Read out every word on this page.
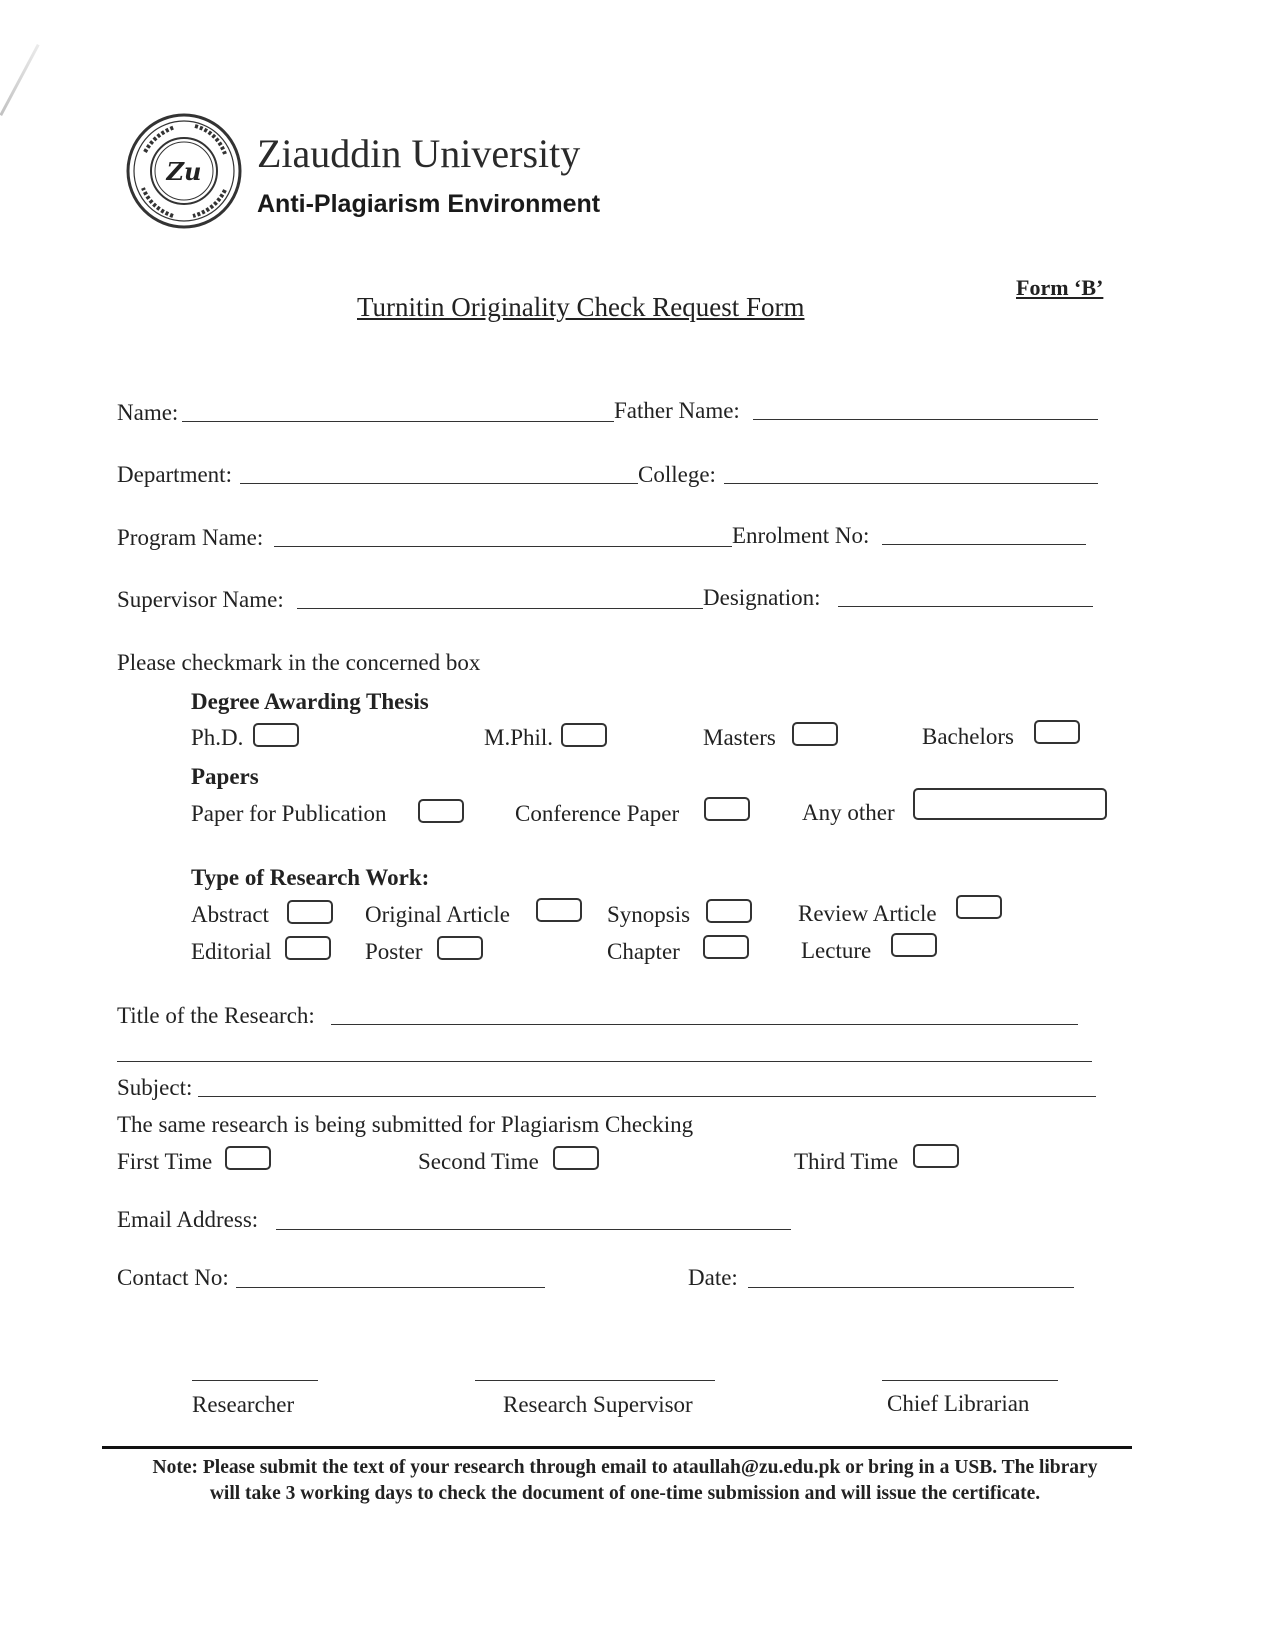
Zu Ziauddin University
Anti-Plagiarism Environment
Form ‘B’
Turnitin Originality Check Request Form
Name:	Father Name:
Department:	College:
Program Name:	Enrolment No:
Supervisor Name:	Designation:
Please checkmark in the concerned box
Degree Awarding Thesis
Ph.D.	M.Phil.	Masters	Bachelors
Papers
Paper for Publication	Conference Paper	Any other
Type of Research Work:
Abstract	Original Article	Synopsis	Review Article
Editorial	Poster	Chapter	Lecture
Title of the Research:
Subject:
The same research is being submitted for Plagiarism Checking
First Time	Second Time	Third Time
Email Address:
Contact No:	Date:
Researcher	Research Supervisor	Chief Librarian
Note: Please submit the text of your research through email to ataullah@zu.edu.pk or bring in a USB. The library
will take 3 working days to check the document of one-time submission and will issue the certificate.
